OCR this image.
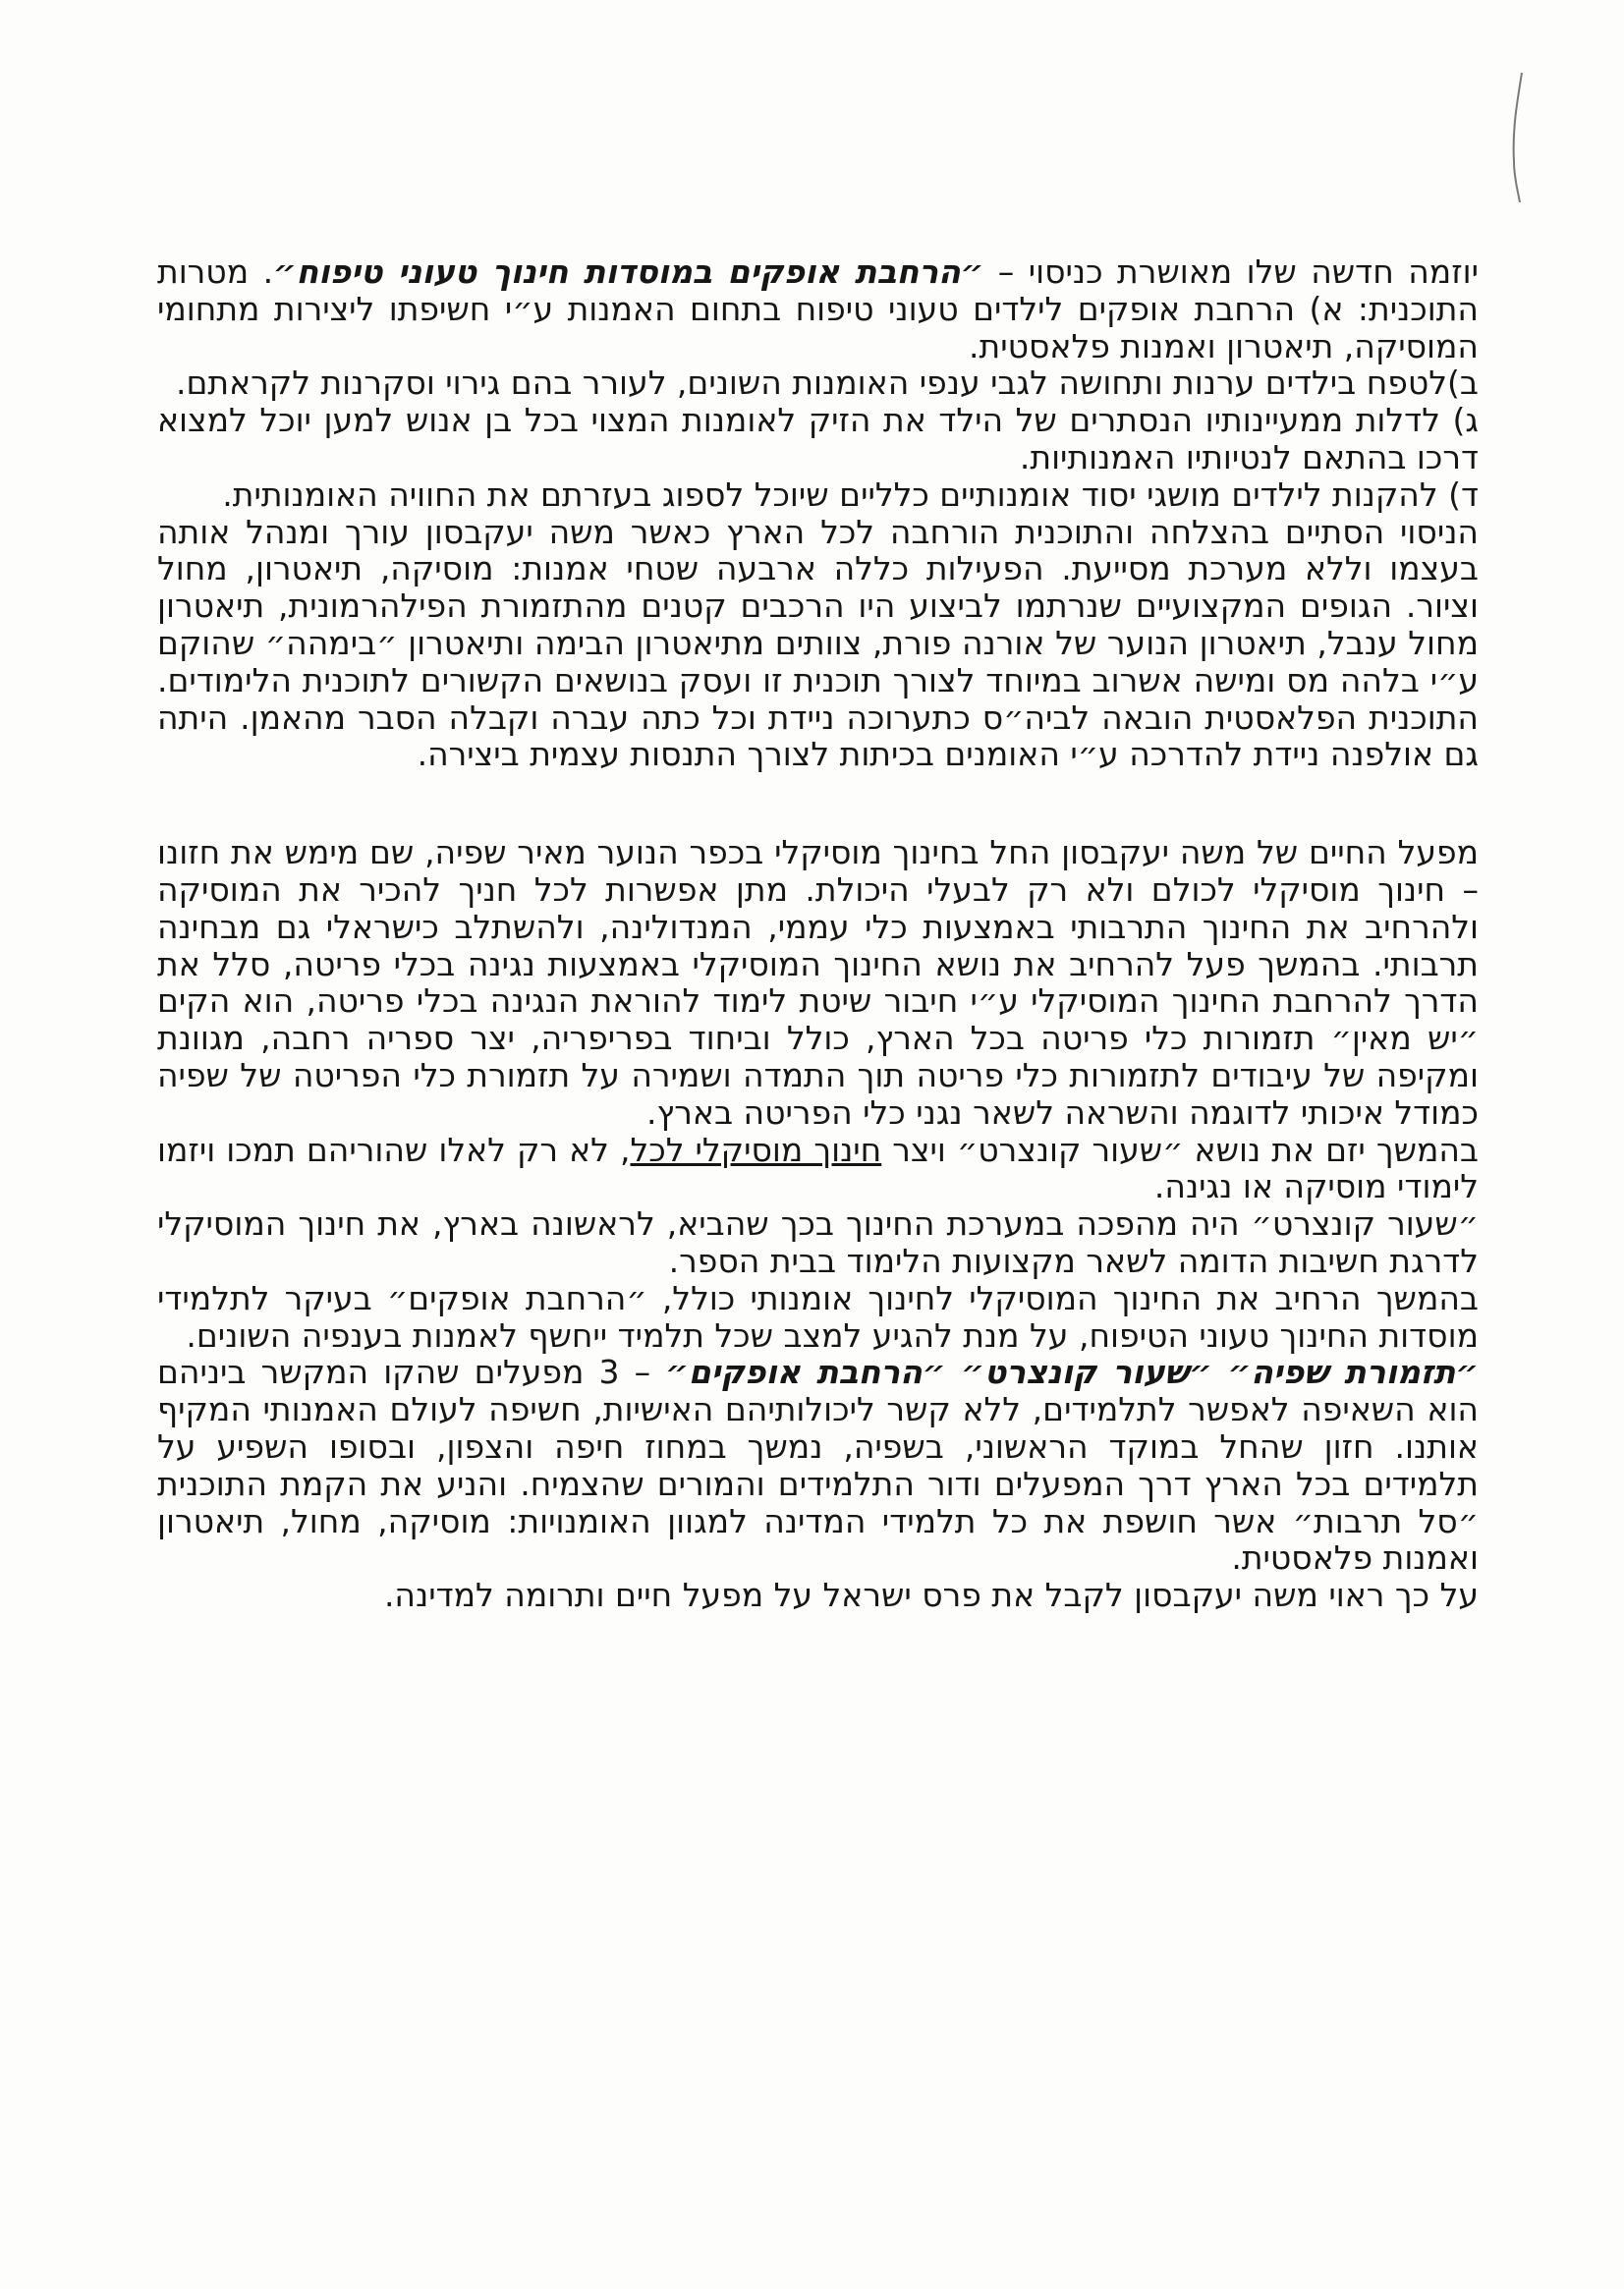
יוזמה חדשה שלו מאושרת כניסוי – ״הרחבת אופקים במוסדות חינוך טעוני טיפוח״. מטרות התוכנית: א) הרחבת אופקים לילדים טעוני טיפוח בתחום האמנות ע״י חשיפתו ליצירות מתחומי המוסיקה, תיאטרון ואמנות פלאסטית.

ב)לטפח בילדים ערנות ותחושה לגבי ענפי האומנות השונים, לעורר בהם גירוי וסקרנות לקראתם.

ג) לדלות ממעיינותיו הנסתרים של הילד את הזיק לאומנות המצוי בכל בן אנוש למען יוכל למצוא דרכו בהתאם לנטיותיו האמנותיות.

ד) להקנות לילדים מושגי יסוד אומנותיים כלליים שיוכל לספוג בעזרתם את החוויה האומנותית.

הניסוי הסתיים בהצלחה והתוכנית הורחבה לכל הארץ כאשר משה יעקבסון עורך ומנהל אותה בעצמו וללא מערכת מסייעת. הפעילות כללה ארבעה שטחי אמנות: מוסיקה, תיאטרון, מחול וציור. הגופים המקצועיים שנרתמו לביצוע היו הרכבים קטנים מהתזמורת הפילהרמונית, תיאטרון מחול ענבל, תיאטרון הנוער של אורנה פורת, צוותים מתיאטרון הבימה ותיאטרון ״בימהה״ שהוקם ע״י בלהה מס ומישה אשרוב במיוחד לצורך תוכנית זו ועסק בנושאים הקשורים לתוכנית הלימודים. התוכנית הפלאסטית הובאה לביה״ס כתערוכה ניידת וכל כתה עברה וקבלה הסבר מהאמן. היתה גם אולפנה ניידת להדרכה ע״י האומנים בכיתות לצורך התנסות עצמית ביצירה.

מפעל החיים של משה יעקבסון החל בחינוך מוסיקלי בכפר הנוער מאיר שפיה, שם מימש את חזונו – חינוך מוסיקלי לכולם ולא רק לבעלי היכולת. מתן אפשרות לכל חניך להכיר את המוסיקה ולהרחיב את החינוך התרבותי באמצעות כלי עממי, המנדולינה, ולהשתלב כישראלי גם מבחינה תרבותי. בהמשך פעל להרחיב את נושא החינוך המוסיקלי באמצעות נגינה בכלי פריטה, סלל את הדרך להרחבת החינוך המוסיקלי ע״י חיבור שיטת לימוד להוראת הנגינה בכלי פריטה, הוא הקים ״יש מאין״ תזמורות כלי פריטה בכל הארץ, כולל וביחוד בפריפריה, יצר ספריה רחבה, מגוונת ומקיפה של עיבודים לתזמורות כלי פריטה תוך התמדה ושמירה על תזמורת כלי הפריטה של שפיה כמודל איכותי לדוגמה והשראה לשאר נגני כלי הפריטה בארץ.

בהמשך יזם את נושא ״שעור קונצרט״ ויצר חינוך מוסיקלי לכל, לא רק לאלו שהוריהם תמכו ויזמו לימודי מוסיקה או נגינה.

״שעור קונצרט״ היה מהפכה במערכת החינוך בכך שהביא, לראשונה בארץ, את חינוך המוסיקלי לדרגת חשיבות הדומה לשאר מקצועות הלימוד בבית הספר.

בהמשך הרחיב את החינוך המוסיקלי לחינוך אומנותי כולל, ״הרחבת אופקים״ בעיקר לתלמידי מוסדות החינוך טעוני הטיפוח, על מנת להגיע למצב שכל תלמיד ייחשף לאמנות בענפיה השונים.

״תזמורת שפיה״ ״שעור קונצרט״ ״הרחבת אופקים״ – 3 מפעלים שהקו המקשר ביניהם הוא השאיפה לאפשר לתלמידים, ללא קשר ליכולותיהם האישיות, חשיפה לעולם האמנותי המקיף אותנו. חזון שהחל במוקד הראשוני, בשפיה, נמשך במחוז חיפה והצפון, ובסופו השפיע על תלמידים בכל הארץ דרך המפעלים ודור התלמידים והמורים שהצמיח. והניע את הקמת התוכנית ״סל תרבות״ אשר חושפת את כל תלמידי המדינה למגוון האומנויות: מוסיקה, מחול, תיאטרון ואמנות פלאסטית.

על כך ראוי משה יעקבסון לקבל את פרס ישראל על מפעל חיים ותרומה למדינה.
